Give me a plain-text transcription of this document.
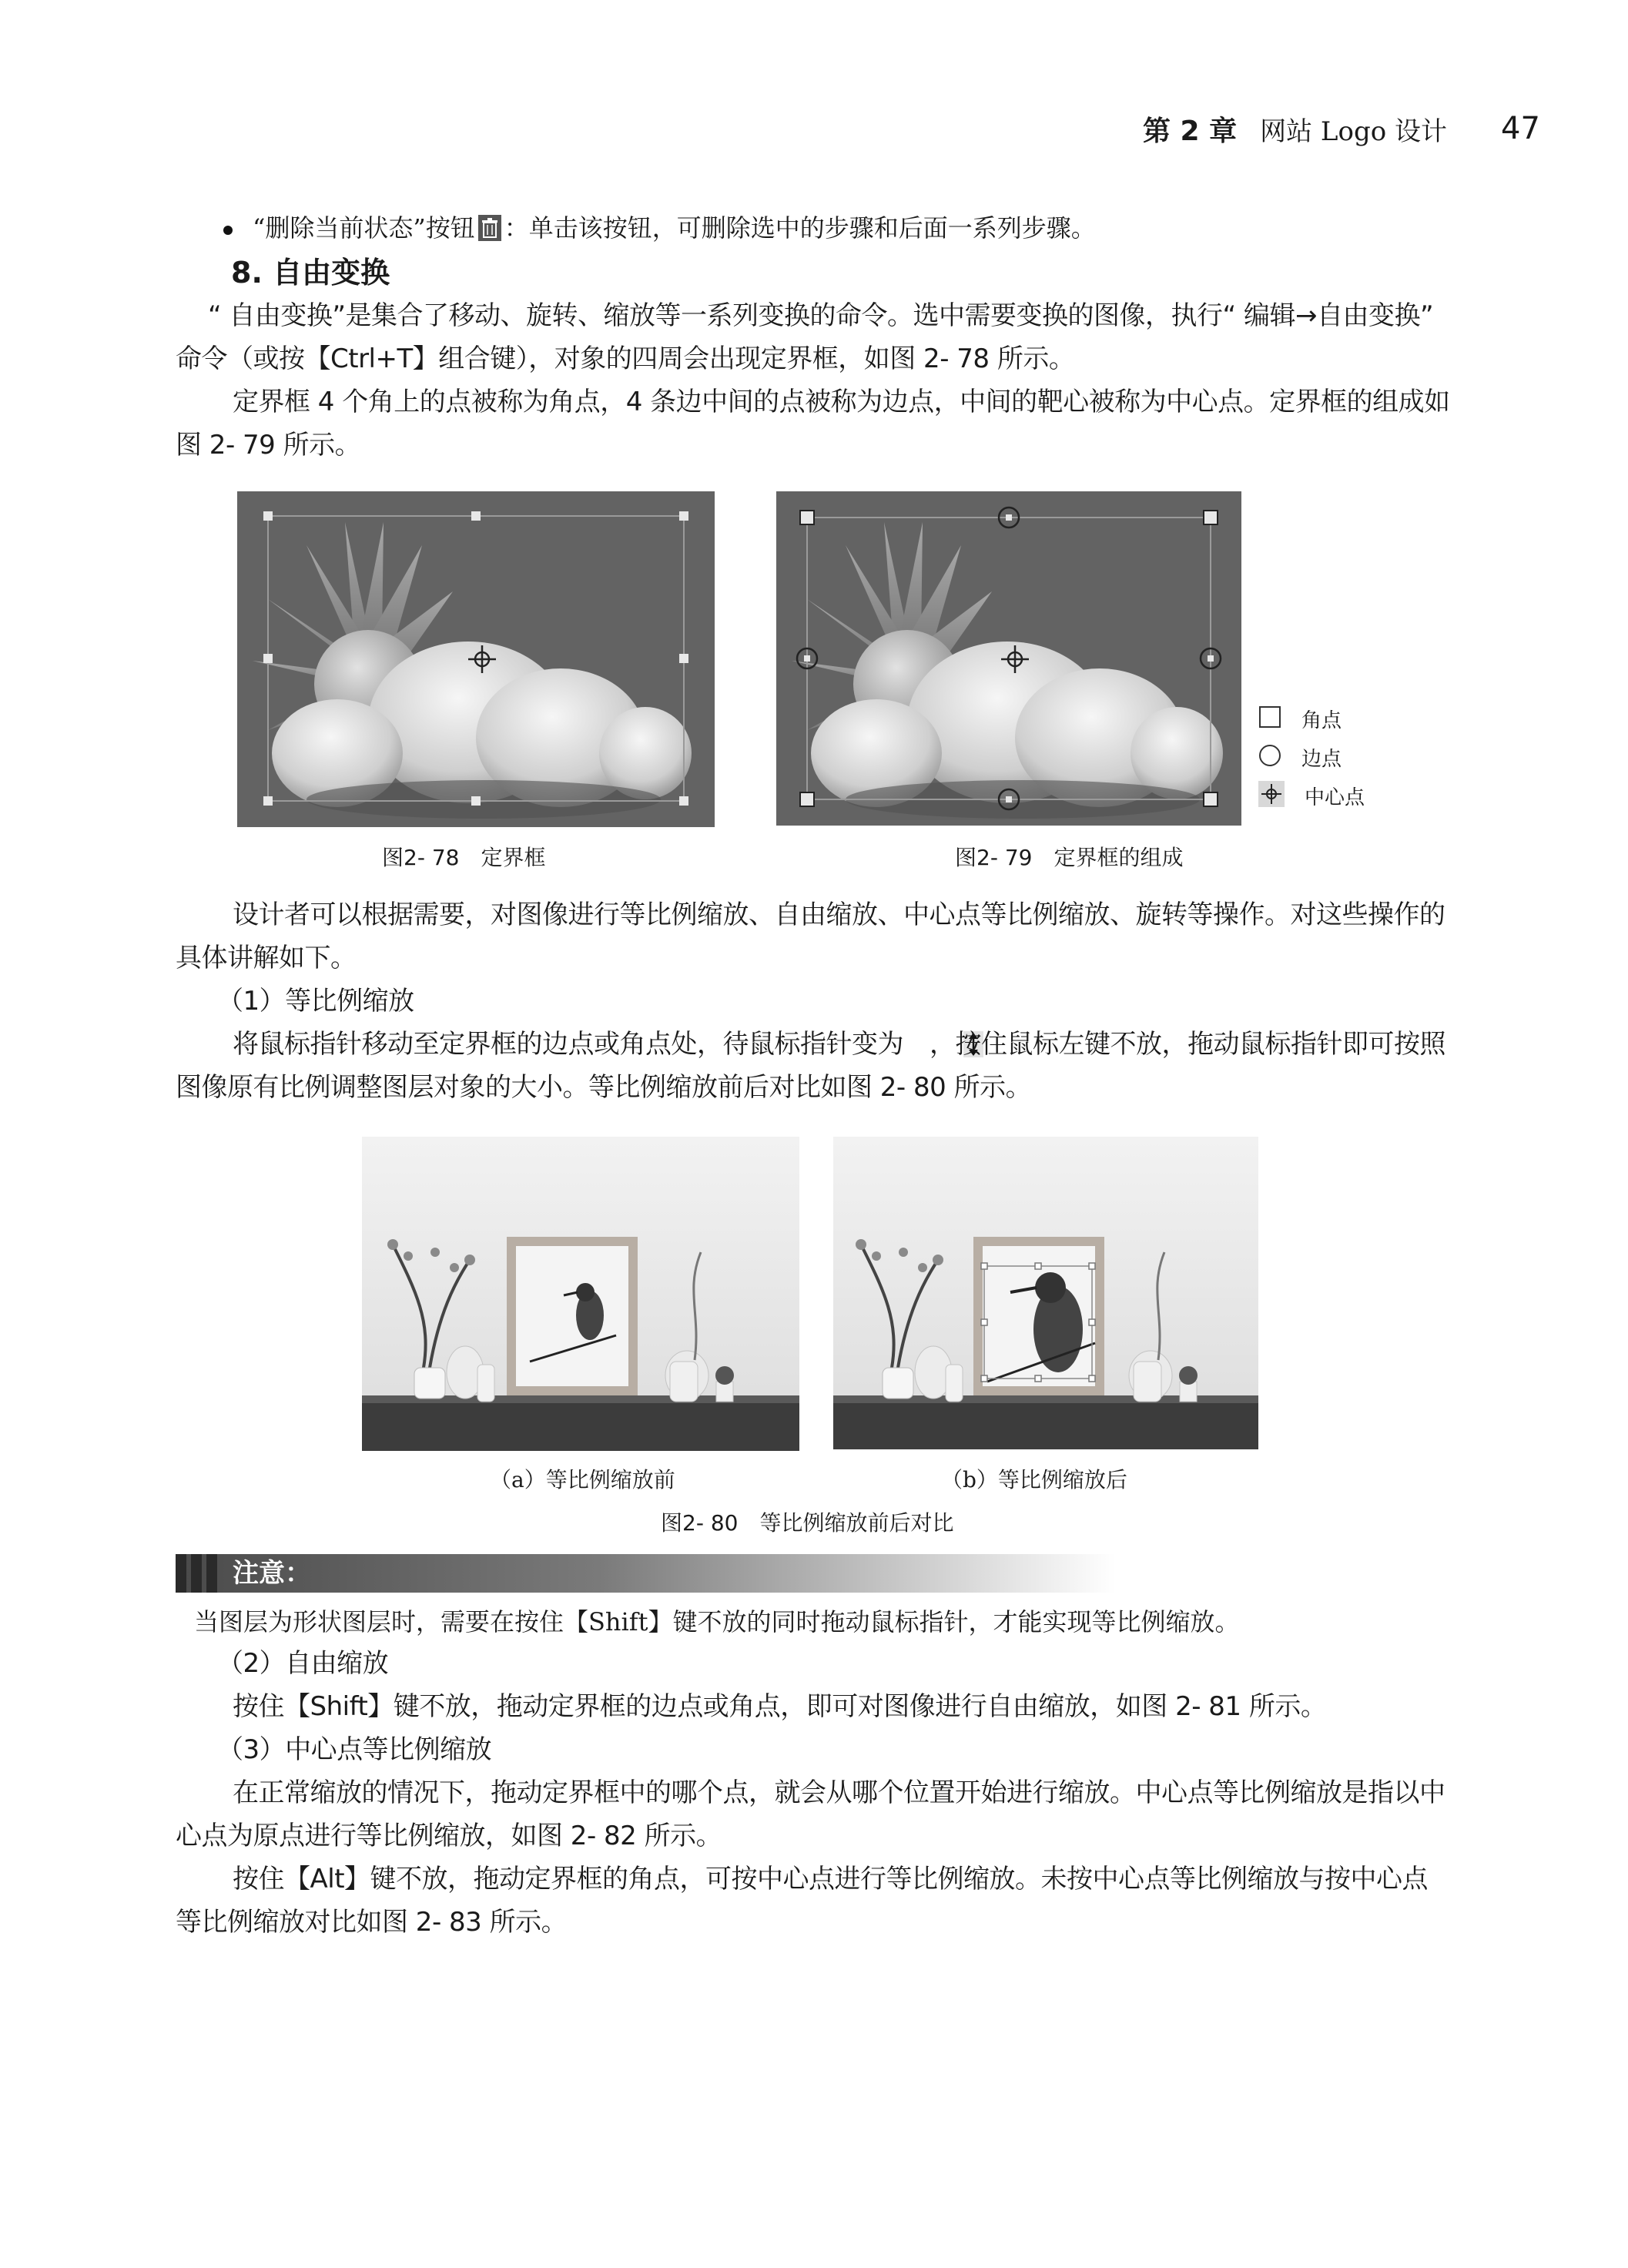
第 2 章 网站 Logo 设计 47
“删除当前状态”按钮 ：单击该按钮，可删除选中的步骤和后面一系列步骤。
8. 自由变换
“ 自由变换”是集合了移动、旋转、缩放等一系列变换的命令。选中需要变换的图像，执行“ 编辑→自由变换” 命令（或按【Ctrl+T】组合键），对象的四周会出现定界框，如图 2- 78 所示。
定界框 4 个角上的点被称为角点，4 条边中间的点被称为边点，中间的靶心被称为中心点。定界框的组成如图 2- 79 所示。
图2- 78　定界框
角点
边点
中心点
图2- 79　定界框的组成
设计者可以根据需要，对图像进行等比例缩放、自由缩放、中心点等比例缩放、旋转等操作。对这些操作的具体讲解如下。
（1）等比例缩放
将鼠标指针移动至定界框的边点或角点处，待鼠标指针变为 ，按住鼠标左键不放，拖动鼠标指针即可按照图像原有比例调整图层对象的大小。等比例缩放前后对比如图 2- 80 所示。
（a）等比例缩放前	（b）等比例缩放后
图2- 80　等比例缩放前后对比
注意：
当图层为形状图层时，需要在按住【Shift】键不放的同时拖动鼠标指针，才能实现等比例缩放。
（2）自由缩放
按住【Shift】键不放，拖动定界框的边点或角点，即可对图像进行自由缩放，如图 2- 81 所示。
（3）中心点等比例缩放
在正常缩放的情况下，拖动定界框中的哪个点，就会从哪个位置开始进行缩放。中心点等比例缩放是指以中心点为原点进行等比例缩放，如图 2- 82 所示。
按住【Alt】键不放，拖动定界框的角点，可按中心点进行等比例缩放。未按中心点等比例缩放与按中心点等比例缩放对比如图 2- 83 所示。
